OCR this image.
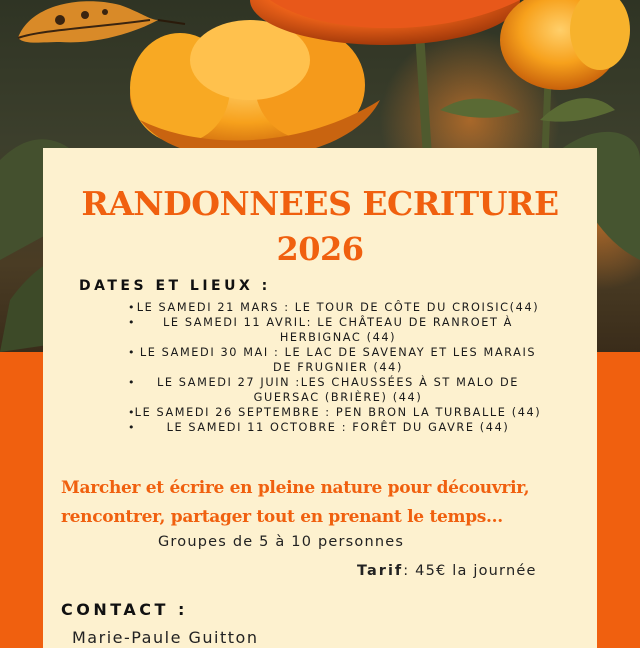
RANDONNEES ECRITURE
2026
DATES ET LIEUX :
• LE SAMEDI 21 MARS : LE TOUR DE CÔTE DU CROISIC(44)
• LE SAMEDI 11 AVRIL: LE CHÂTEAU DE RANROET À HERBIGNAC (44)
• LE SAMEDI 30 MAI : LE LAC DE SAVENAY ET LES MARAIS DE FRUGNIER (44)
• LE SAMEDI 27 JUIN :LES CHAUSSÉES À ST MALO DE GUERSAC (BRIÈRE) (44)
•
LE SAMEDI 26 SEPTEMBRE : PEN BRON LA TURBALLE (44)
•	LE SAMEDI 11 OCTOBRE : FORÊT DU GAVRE (44)

Marcher et écrire en pleine nature pour découvrir, rencontrer, partager tout en prenant le temps...

Groupes de 5 à 10 personnes

Tarif: 45€ la journée

CONTACT :

Marie-Paule Guitton
